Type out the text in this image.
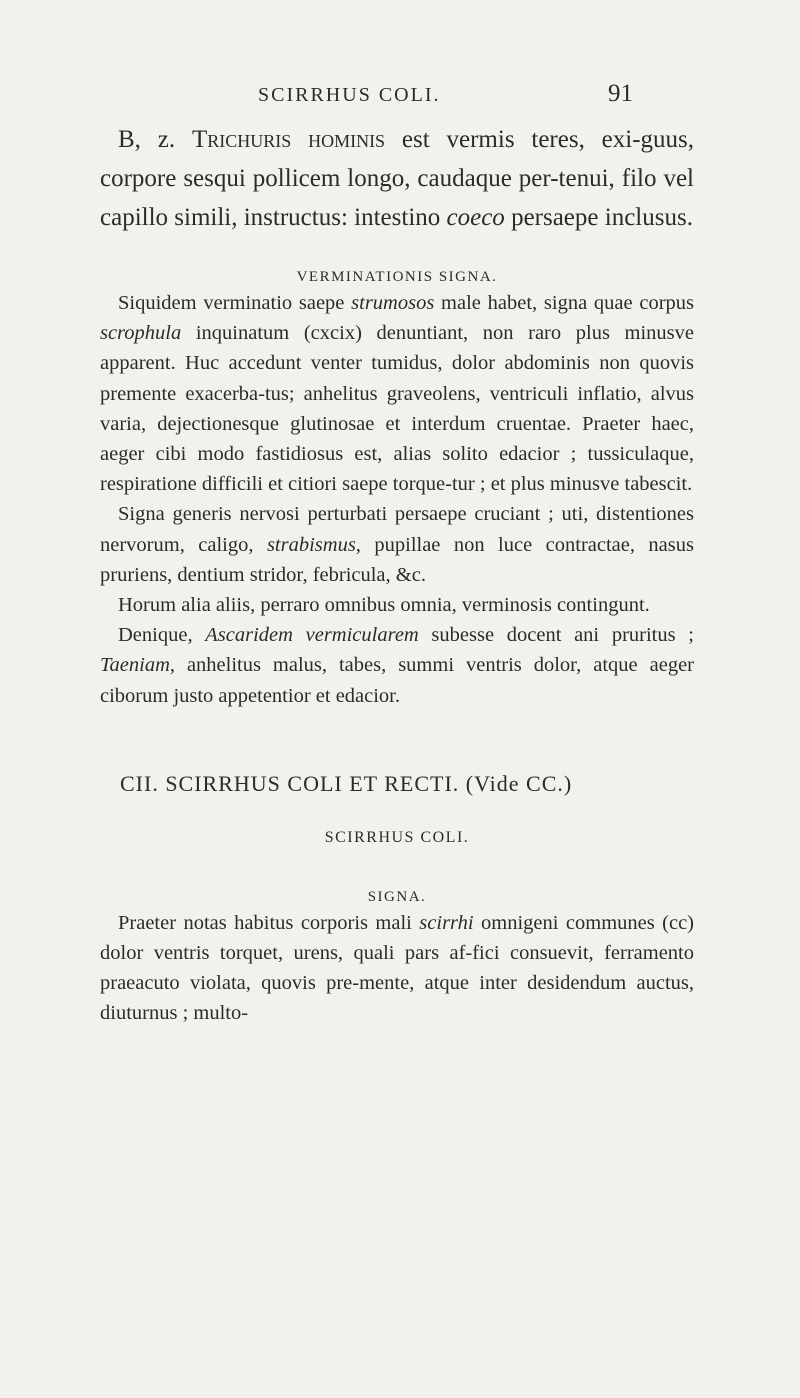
SCIRRHUS COLI.	91

B, z. Trichuris hominis est vermis teres, exi-guus, corpore sesqui pollicem longo, caudaque per-tenui, filo vel capillo simili, instructus: intestino coeco persaepe inclusus.

VERMINATIONIS SIGNA.

Siquidem verminatio saepe strumosos male habet, signa quae corpus scrophula inquinatum (cxcix) denuntiant, non raro plus minusve apparent. Huc accedunt venter tumidus, dolor abdominis non quovis premente exacerba-tus; anhelitus graveolens, ventriculi inflatio, alvus varia, dejectionesque glutinosae et interdum cruentae. Praeter haec, aeger cibi modo fastidiosus est, alias solito edacior ; tussiculaque, respiratione difficili et citiori saepe torque-tur ; et plus minusve tabescit.

Signa generis nervosi perturbati persaepe cruciant ; uti, distentiones nervorum, caligo, strabismus, pupillae non luce contractae, nasus pruriens, dentium stridor, febricula, &c.

Horum alia aliis, perraro omnibus omnia, verminosis contingunt.

Denique, Ascaridem vermicularem subesse docent ani pruritus ; Taeniam, anhelitus malus, tabes, summi ventris dolor, atque aeger ciborum justo appetentior et edacior.

CII. SCIRRHUS COLI ET RECTI. (Vide CC.)

SCIRRHUS COLI.

SIGNA.

Praeter notas habitus corporis mali scirrhi omnigeni communes (cc) dolor ventris torquet, urens, quali pars af-fici consuevit, ferramento praeacuto violata, quovis pre-mente, atque inter desidendum auctus, diuturnus ; multo-
